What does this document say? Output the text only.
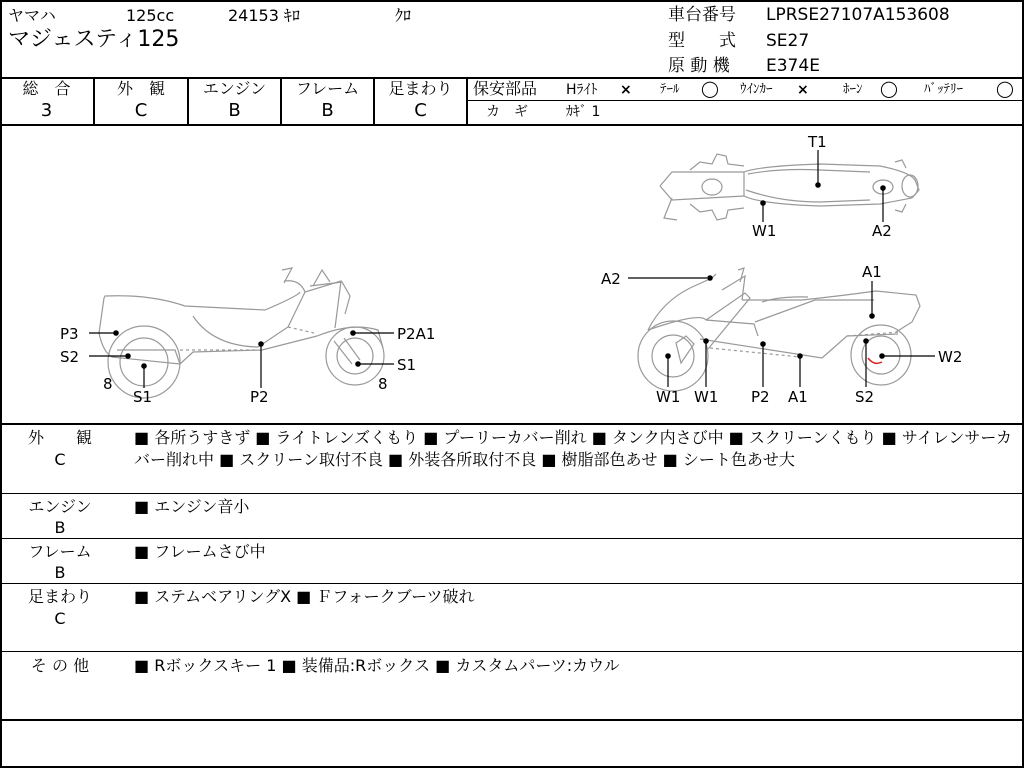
ヤマハ	125cc	24153 ｷﾛ	ｸﾛ
マジェスティ125
車台番号 LPRSE27107A153608
型　　式 SE27
原 動 機 E374E
総　合
3
外　観
C
エンジン
B
フレーム
B
足まわり
C
保安部品 Hﾗｲﾄ × ﾃｰﾙ ◯ ｳｲﾝｶｰ ×	ﾎｰﾝ ◯ ﾊﾞｯﾃﾘｰ ◯
カ　ギ	ｶｷﾞ 1
P3
S2
8
S1	P2
P2A1
S1
8
A2
W1 W1 P2 A1	S2
W2
A1
T1
W1	A2
外　　観
C
■ 各所うすきず ■ ライトレンズくもり ■ プーリーカバー削れ ■ タンク内さび中 ■ スクリーンくもり ■ サイレンサーカバー削れ中 ■ スクリーン取付不良 ■ 外装各所取付不良 ■ 樹脂部色あせ ■ シート色あせ大
エンジン
B
■ エンジン音小
フレーム
B
■ フレームさび中
足まわり
C
■ ステムベアリングX ■ Ｆフォークブーツ破れ
そ の 他	■ Rボックスキー 1 ■ 装備品:Rボックス ■ カスタムパーツ:カウル
